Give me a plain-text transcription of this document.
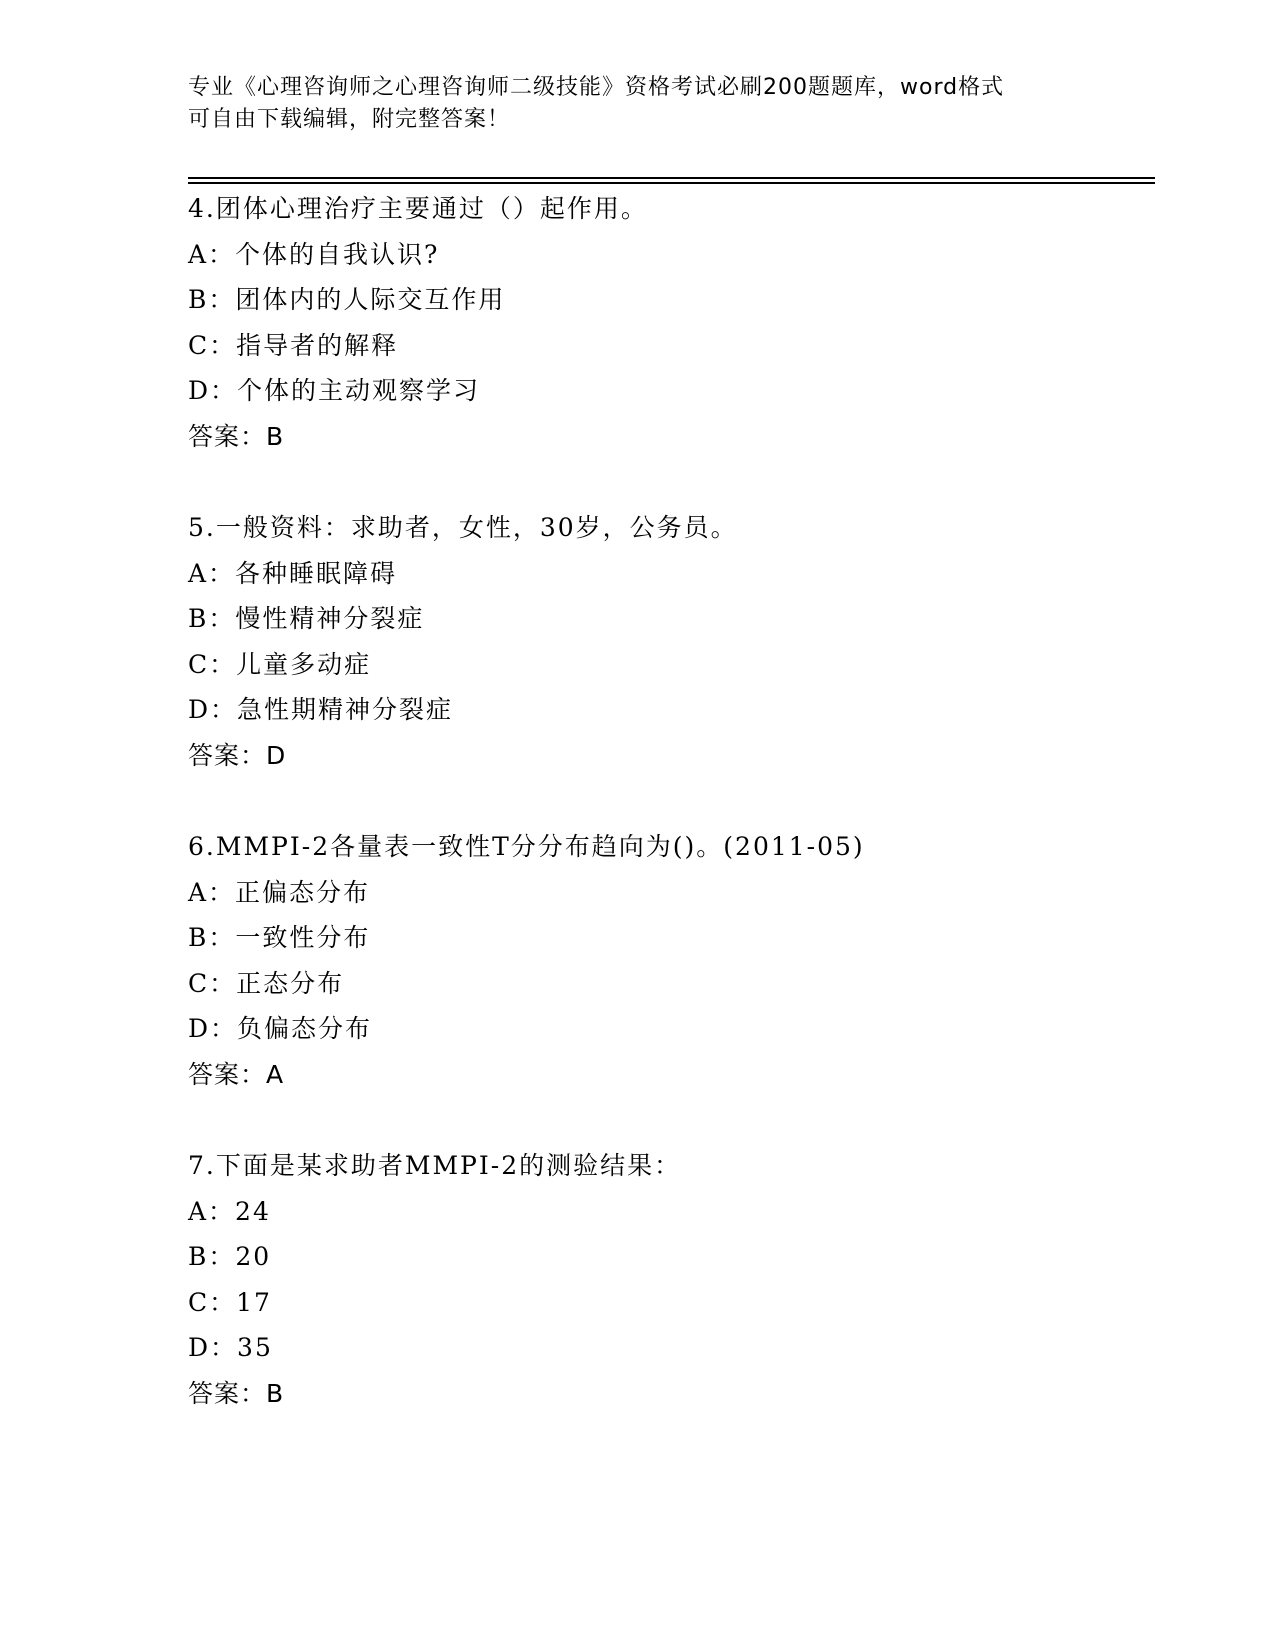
专业《心理咨询师之心理咨询师二级技能》资格考试必刷200题题库，word格式
可自由下载编辑，附完整答案！
4.团体心理治疗主要通过（）起作用。
A：个体的自我认识?
B：团体内的人际交互作用
C：指导者的解释
D：个体的主动观察学习
答案：B
5.一般资料：求助者，女性，30岁，公务员。
A：各种睡眠障碍
B：慢性精神分裂症
C：儿童多动症
D：急性期精神分裂症
答案：D
6.MMPI-2各量表一致性T分分布趋向为()。(2011-05)
A：正偏态分布
B：一致性分布
C：正态分布
D：负偏态分布
答案：A
7.下面是某求助者MMPI-2的测验结果：
A：24
B：20
C：17
D：35
答案：B
